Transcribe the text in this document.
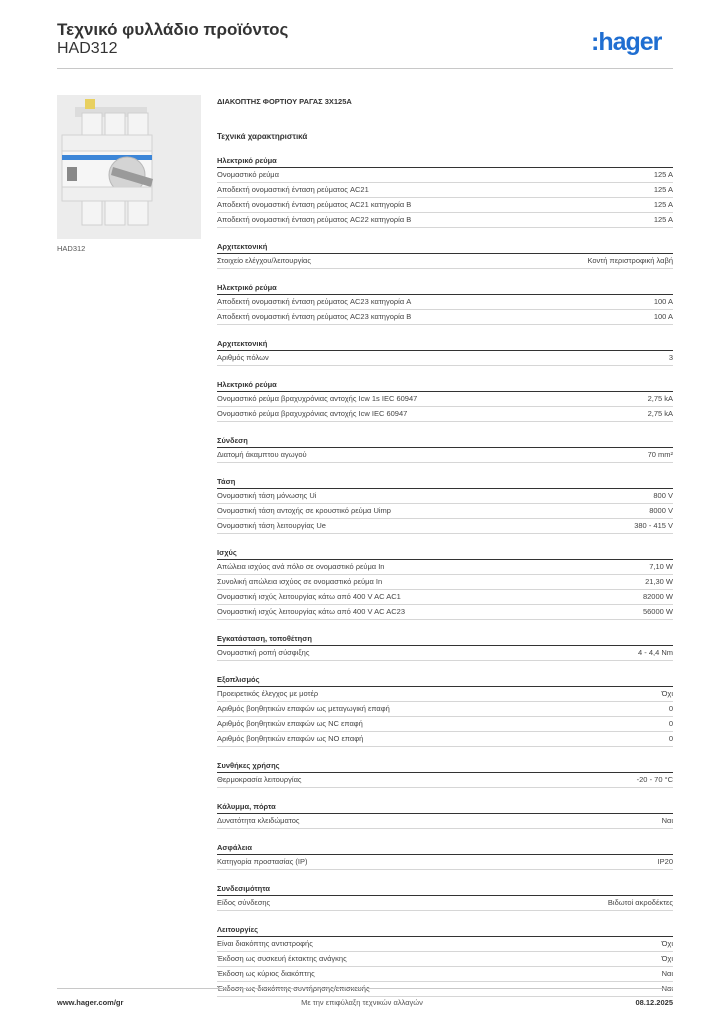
Τεχνικό φυλλάδιο προϊόντος
HAD312	:hager
HAD312
ΔΙΑΚΟΠΤΗΣ ΦΟΡΤΙΟΥ ΡΑΓΑΣ 3X125A
Τεχνικά χαρακτηριστικά
Ηλεκτρικό ρεύμα
Ονομαστικό ρεύμα	125 A
Αποδεκτή ονομαστική ένταση ρεύματος AC21	125 A
Αποδεκτή ονομαστική ένταση ρεύματος AC21 κατηγορία B	125 A
Αποδεκτή ονομαστική ένταση ρεύματος AC22 κατηγορία B	125 A
Αρχιτεκτονική
Στοιχείο ελέγχου/λειτουργίας	Κοντή περιστροφική λαβή
Ηλεκτρικό ρεύμα
Αποδεκτή ονομαστική ένταση ρεύματος AC23 κατηγορία A	100 A
Αποδεκτή ονομαστική ένταση ρεύματος AC23 κατηγορία B	100 A
Αρχιτεκτονική
Αριθμός πόλων	3
Ηλεκτρικό ρεύμα
Ονομαστικό ρεύμα βραχυχρόνιας αντοχής Icw 1s IEC 60947	2,75 kA
Ονομαστικό ρεύμα βραχυχρόνιας αντοχής Icw IEC 60947	2,75 kA
Σύνδεση
Διατομή άκαμπτου αγωγού	70 mm²
Τάση
Ονομαστική τάση μόνωσης Ui	800 V
Ονομαστική τάση αντοχής σε κρουστικό ρεύμα Uimp	8000 V
Ονομαστική τάση λειτουργίας Ue	380 - 415 V
Ισχύς
Απώλεια ισχύος ανά πόλο σε ονομαστικό ρεύμα In	7,10 W
Συνολική απώλεια ισχύος σε ονομαστικό ρεύμα In	21,30 W
Ονομαστική ισχύς λειτουργίας κάτω από 400 V AC AC1	82000 W
Ονομαστική ισχύς λειτουργίας κάτω από 400 V AC AC23	56000 W
Εγκατάσταση, τοποθέτηση
Ονομαστική ροπή σύσφιξης	4 - 4,4 Nm
Εξοπλισμός
Προειρετικός έλεγχος με μοτέρ	Όχι
Αριθμός βοηθητικών επαφών ως μεταγωγική επαφή	0
Αριθμός βοηθητικών επαφών ως NC επαφή	0
Αριθμός βοηθητικών επαφών ως NO επαφή	0
Συνθήκες χρήσης
Θερμοκρασία λειτουργίας	-20 - 70 °C
Κάλυμμα, πόρτα
Δυνατότητα κλειδώματος	Ναι
Ασφάλεια
Κατηγορία προστασίας (IP)	IP20
Συνδεσιμότητα
Είδος σύνδεσης	Βιδωτοί ακροδέκτες
Λειτουργίες
Είναι διακόπτης αντιστροφής	Όχι
Έκδοση ως συσκευή έκτακτης ανάγκης	Όχι
Έκδοση ως κύριος διακόπτης	Ναι
www.hager.com/gr	Με την επιφύλαξη τεχνικών αλλαγών	08.12.2025
